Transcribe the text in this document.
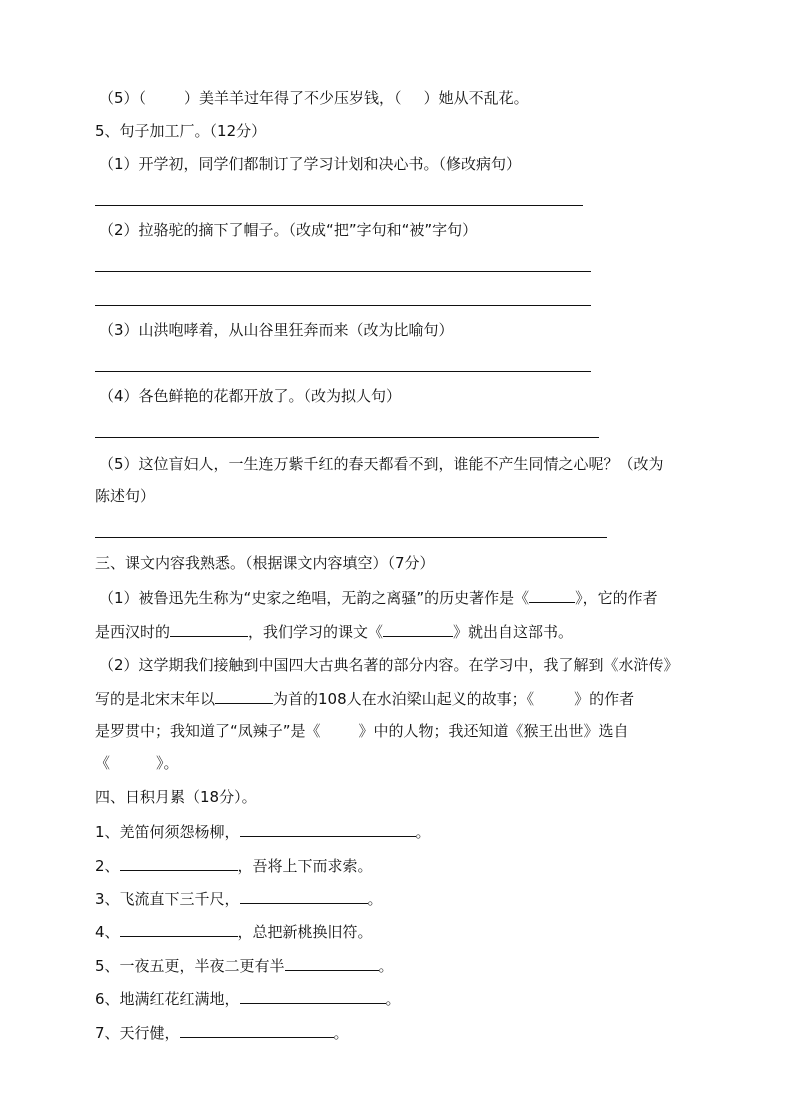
（5）（	）美羊羊过年得了不少压岁钱，（ ）她从不乱花。
5、句子加工厂。（12分）
（1）开学初，同学们都制订了学习计划和决心书。（修改病句）
（2）拉骆驼的摘下了帽子。（改成“把”字句和“被”字句）
（3）山洪咆哮着，从山谷里狂奔而来（改为比喻句）
（4）各色鲜艳的花都开放了。（改为拟人句）
（5）这位盲妇人，一生连万紫千红的春天都看不到，谁能不产生同情之心呢？（改为
陈述句）
三、课文内容我熟悉。（根据课文内容填空）（7分）
（1）被鲁迅先生称为“史家之绝唱，无韵之离骚”的历史著作是《	》，它的作者
是西汉时的	，我们学习的课文《	》就出自这部书。
（2）这学期我们接触到中国四大古典名著的部分内容。在学习中，我了解到《水浒传》
写的是北宋末年以	为首的108人在水泊梁山起义的故事；《	》的作者
是罗贯中；我知道了“凤辣子”是《	》中的人物；我还知道《猴王出世》选自
《	》。
四、日积月累（18分）。
1、羌笛何须怨杨柳，	。
2、	，吾将上下而求索。
3、飞流直下三千尺，	。
4、	，总把新桃换旧符。
5、一夜五更，半夜二更有半	。
6、地满红花红满地，	。
7、天行健，	。
